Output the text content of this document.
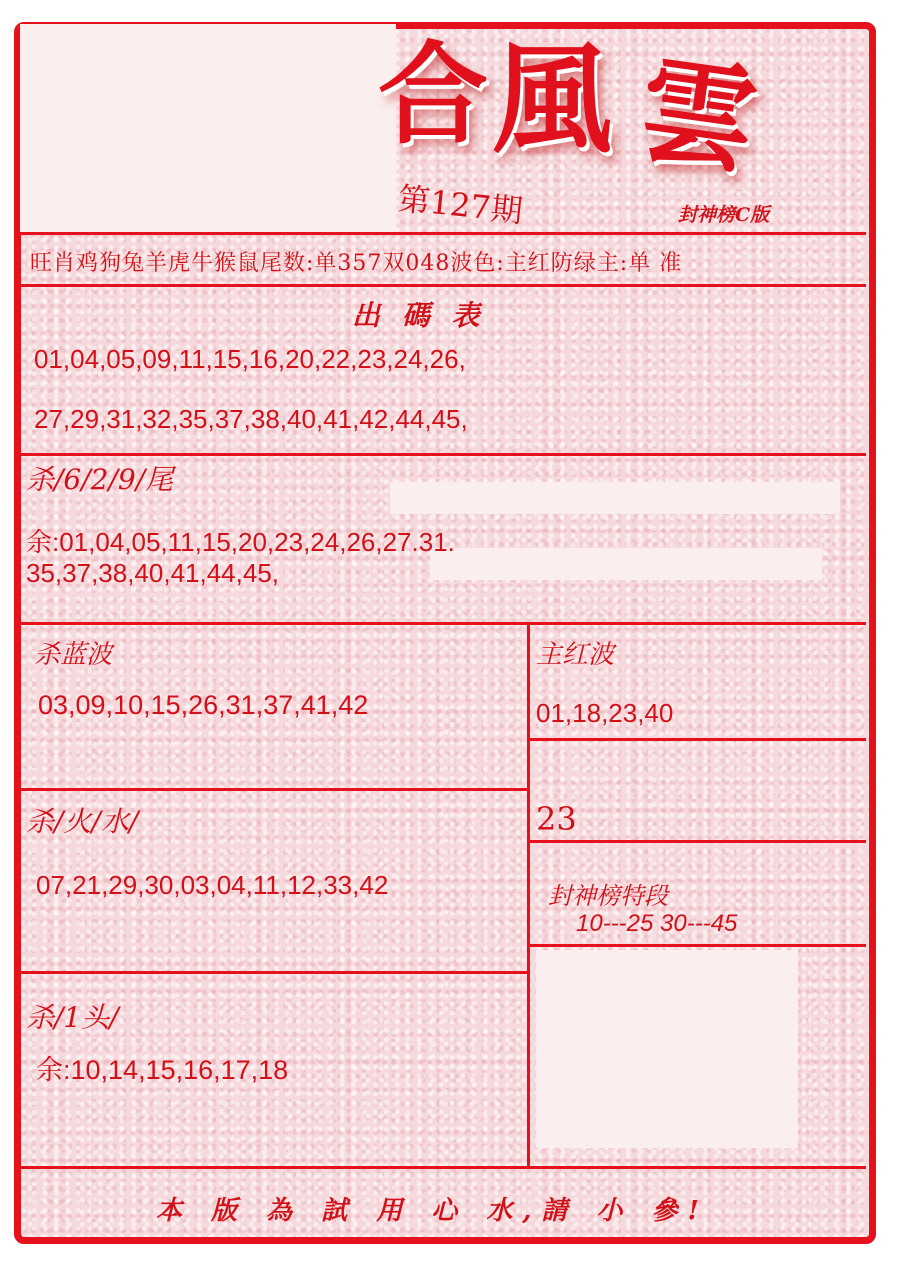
合 風 雲
第127期	封神榜C版
旺肖鸡狗兔羊虎牛猴鼠尾数:单357双048波色:主红防绿主:单 准
出 碼 表
01,04,05,09,11,15,16,20,22,23,24,26,
27,29,31,32,35,37,38,40,41,42,44,45,
杀/6/2/9/尾
余:01,04,05,11,15,20,23,24,26,27.31.
35,37,38,40,41,44,45,
杀蓝波
03,09,10,15,26,31,37,41,42
主红波
01,18,23,40
23
杀/火/水/
07,21,29,30,03,04,11,12,33,42	封神榜特段
10---25 30---45
杀/1头/
余:10,14,15,16,17,18
本 版 為 試 用 心 水,請 小 參!
